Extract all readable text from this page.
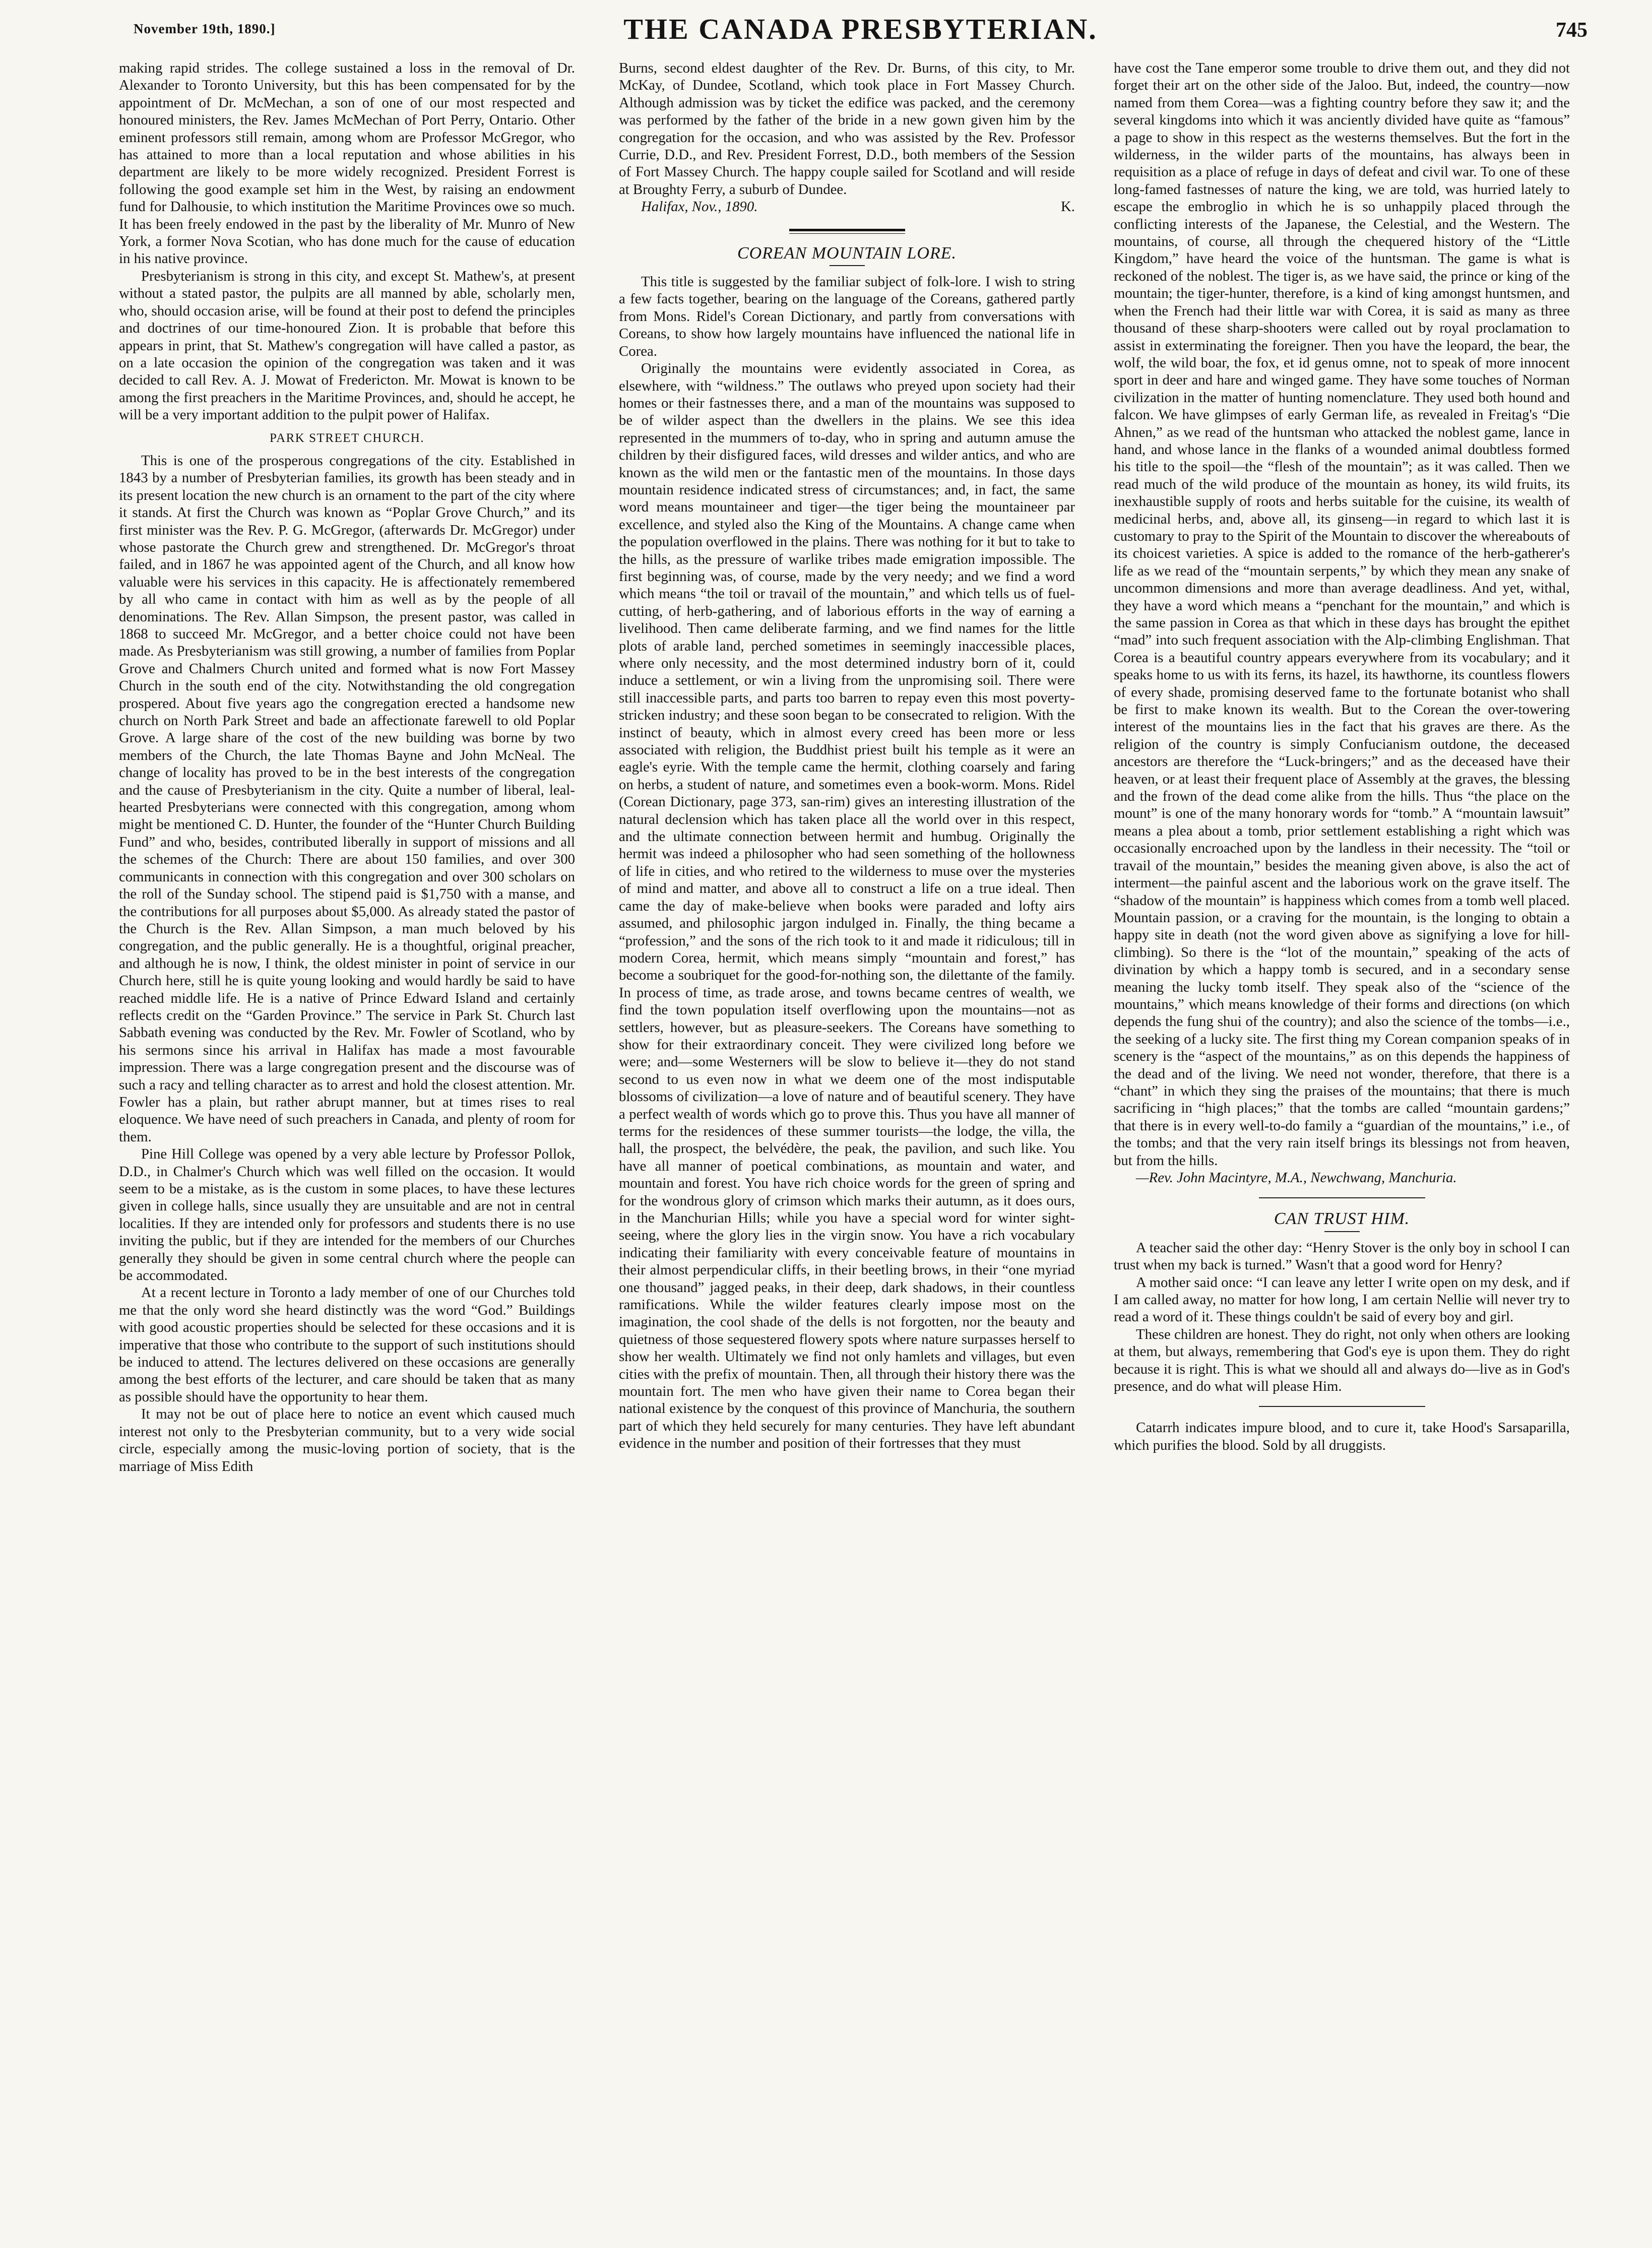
November 19th, 1890.]	THE CANADA PRESBYTERIAN.	745

making rapid strides. The college sustained a loss in the removal of Dr. Alexander to Toronto University, but this has been compensated for by the appointment of Dr. McMechan, a son of one of our most respected and honoured ministers, the Rev. James McMechan of Port Perry, Ontario. Other eminent professors still remain, among whom are Professor McGregor, who has attained to more than a local reputation and whose abilities in his department are likely to be more widely recognized. President Forrest is following the good example set him in the West, by raising an endowment fund for Dalhousie, to which institution the Maritime Provinces owe so much. It has been freely endowed in the past by the liberality of Mr. Munro of New York, a former Nova Scotian, who has done much for the cause of education in his native province.

Presbyterianism is strong in this city, and except St. Mathew's, at present without a stated pastor, the pulpits are all manned by able, scholarly men, who, should occasion arise, will be found at their post to defend the principles and doctrines of our time-honoured Zion. It is probable that before this appears in print, that St. Mathew's congregation will have called a pastor, as on a late occasion the opinion of the congregation was taken and it was decided to call Rev. A. J. Mowat of Fredericton. Mr. Mowat is known to be among the first preachers in the Maritime Provinces, and, should he accept, he will be a very important addition to the pulpit power of Halifax.

PARK STREET CHURCH.

This is one of the prosperous congregations of the city. Established in 1843 by a number of Presbyterian families, its growth has been steady and in its present location the new church is an ornament to the part of the city where it stands. At first the Church was known as “Poplar Grove Church,” and its first minister was the Rev. P. G. McGregor, (afterwards Dr. McGregor) under whose pastorate the Church grew and strengthened. Dr. McGregor's throat failed, and in 1867 he was appointed agent of the Church, and all know how valuable were his services in this capacity. He is affectionately remembered by all who came in contact with him as well as by the people of all denominations. The Rev. Allan Simpson, the present pastor, was called in 1868 to succeed Mr. McGregor, and a better choice could not have been made. As Presbyterianism was still growing, a number of families from Poplar Grove and Chalmers Church united and formed what is now Fort Massey Church in the south end of the city. Notwithstanding the old congregation prospered. About five years ago the congregation erected a handsome new church on North Park Street and bade an affectionate farewell to old Poplar Grove. A large share of the cost of the new building was borne by two members of the Church, the late Thomas Bayne and John McNeal. The change of locality has proved to be in the best interests of the congregation and the cause of Presbyterianism in the city. Quite a number of liberal, leal-hearted Presbyterians were connected with this congregation, among whom might be mentioned C. D. Hunter, the founder of the “Hunter Church Building Fund” and who, besides, contributed liberally in support of missions and all the schemes of the Church: There are about 150 families, and over 300 communicants in connection with this congregation and over 300 scholars on the roll of the Sunday school. The stipend paid is $1,750 with a manse, and the contributions for all purposes about $5,000. As already stated the pastor of the Church is the Rev. Allan Simpson, a man much beloved by his congregation, and the public generally. He is a thoughtful, original preacher, and although he is now, I think, the oldest minister in point of service in our Church here, still he is quite young looking and would hardly be said to have reached middle life. He is a native of Prince Edward Island and certainly reflects credit on the “Garden Province.” The service in Park St. Church last Sabbath evening was conducted by the Rev. Mr. Fowler of Scotland, who by his sermons since his arrival in Halifax has made a most favourable impression. There was a large congregation present and the discourse was of such a racy and telling character as to arrest and hold the closest attention. Mr. Fowler has a plain, but rather abrupt manner, but at times rises to real eloquence. We have need of such preachers in Canada, and plenty of room for them.

Pine Hill College was opened by a very able lecture by Professor Pollok, D.D., in Chalmer's Church which was well filled on the occasion. It would seem to be a mistake, as is the custom in some places, to have these lectures given in college halls, since usually they are unsuitable and are not in central localities. If they are intended only for professors and students there is no use inviting the public, but if they are intended for the members of our Churches generally they should be given in some central church where the people can be accommodated.

At a recent lecture in Toronto a lady member of one of our Churches told me that the only word she heard distinctly was the word “God.” Buildings with good acoustic properties should be selected for these occasions and it is imperative that those who contribute to the support of such institutions should be induced to attend. The lectures delivered on these occasions are generally among the best efforts of the lecturer, and care should be taken that as many as possible should have the opportunity to hear them.

It may not be out of place here to notice an event which caused much interest not only to the Presbyterian community, but to a very wide social circle, especially among the music-loving portion of society, that is the marriage of Miss Edith

Burns, second eldest daughter of the Rev. Dr. Burns, of this city, to Mr. McKay, of Dundee, Scotland, which took place in Fort Massey Church. Although admission was by ticket the edifice was packed, and the ceremony was performed by the father of the bride in a new gown given him by the congregation for the occasion, and who was assisted by the Rev. Professor Currie, D.D., and Rev. President Forrest, D.D., both members of the Session of Fort Massey Church. The happy couple sailed for Scotland and will reside at Broughty Ferry, a suburb of Dundee.

Halifax, Nov., 1890.	K.
COREAN MOUNTAIN LORE.

This title is suggested by the familiar subject of folk-lore. I wish to string a few facts together, bearing on the language of the Coreans, gathered partly from Mons. Ridel's Corean Dictionary, and partly from conversations with Coreans, to show how largely mountains have influenced the national life in Corea.

Originally the mountains were evidently associated in Corea, as elsewhere, with “wildness.” The outlaws who preyed upon society had their homes or their fastnesses there, and a man of the mountains was supposed to be of wilder aspect than the dwellers in the plains. We see this idea represented in the mummers of to-day, who in spring and autumn amuse the children by their disfigured faces, wild dresses and wilder antics, and who are known as the wild men or the fantastic men of the mountains. In those days mountain residence indicated stress of circumstances; and, in fact, the same word means mountaineer and tiger—the tiger being the mountaineer par excellence, and styled also the King of the Mountains. A change came when the population overflowed in the plains. There was nothing for it but to take to the hills, as the pressure of warlike tribes made emigration impossible. The first beginning was, of course, made by the very needy; and we find a word which means “the toil or travail of the mountain,” and which tells us of fuel-cutting, of herb-gathering, and of laborious efforts in the way of earning a livelihood. Then came deliberate farming, and we find names for the little plots of arable land, perched sometimes in seemingly inaccessible places, where only necessity, and the most determined industry born of it, could induce a settlement, or win a living from the unpromising soil. There were still inaccessible parts, and parts too barren to repay even this most poverty-stricken industry; and these soon began to be consecrated to religion. With the instinct of beauty, which in almost every creed has been more or less associated with religion, the Buddhist priest built his temple as it were an eagle's eyrie. With the temple came the hermit, clothing coarsely and faring on herbs, a student of nature, and sometimes even a book-worm. Mons. Ridel (Corean Dictionary, page 373, san-rim) gives an interesting illustration of the natural declension which has taken place all the world over in this respect, and the ultimate connection between hermit and humbug. Originally the hermit was indeed a philosopher who had seen something of the hollowness of life in cities, and who retired to the wilderness to muse over the mysteries of mind and matter, and above all to construct a life on a true ideal. Then came the day of make-believe when books were paraded and lofty airs assumed, and philosophic jargon indulged in. Finally, the thing became a “profession,” and the sons of the rich took to it and made it ridiculous; till in modern Corea, hermit, which means simply “mountain and forest,” has become a soubriquet for the good-for-nothing son, the dilettante of the family. In process of time, as trade arose, and towns became centres of wealth, we find the town population itself overflowing upon the mountains—not as settlers, however, but as pleasure-seekers. The Coreans have something to show for their extraordinary conceit. They were civilized long before we were; and—some Westerners will be slow to believe it—they do not stand second to us even now in what we deem one of the most indisputable blossoms of civilization—a love of nature and of beautiful scenery. They have a perfect wealth of words which go to prove this. Thus you have all manner of terms for the residences of these summer tourists—the lodge, the villa, the hall, the prospect, the belvédère, the peak, the pavilion, and such like. You have all manner of poetical combinations, as mountain and water, and mountain and forest. You have rich choice words for the green of spring and for the wondrous glory of crimson which marks their autumn, as it does ours, in the Manchurian Hills; while you have a special word for winter sight-seeing, where the glory lies in the virgin snow. You have a rich vocabulary indicating their familiarity with every conceivable feature of mountains in their almost perpendicular cliffs, in their beetling brows, in their “one myriad one thousand” jagged peaks, in their deep, dark shadows, in their countless ramifications. While the wilder features clearly impose most on the imagination, the cool shade of the dells is not forgotten, nor the beauty and quietness of those sequestered flowery spots where nature surpasses herself to show her wealth. Ultimately we find not only hamlets and villages, but even cities with the prefix of mountain. Then, all through their history there was the mountain fort. The men who have given their name to Corea began their national existence by the conquest of this province of Manchuria, the southern part of which they held securely for many centuries. They have left abundant evidence in the number and position of their fortresses that they must

have cost the Tane emperor some trouble to drive them out, and they did not forget their art on the other side of the Jaloo. But, indeed, the country—now named from them Corea—was a fighting country before they saw it; and the several kingdoms into which it was anciently divided have quite as “famous” a page to show in this respect as the westerns themselves. But the fort in the wilderness, in the wilder parts of the mountains, has always been in requisition as a place of refuge in days of defeat and civil war. To one of these long-famed fastnesses of nature the king, we are told, was hurried lately to escape the embroglio in which he is so unhappily placed through the conflicting interests of the Japanese, the Celestial, and the Western. The mountains, of course, all through the chequered history of the “Little Kingdom,” have heard the voice of the huntsman. The game is what is reckoned of the noblest. The tiger is, as we have said, the prince or king of the mountain; the tiger-hunter, therefore, is a kind of king amongst huntsmen, and when the French had their little war with Corea, it is said as many as three thousand of these sharp-shooters were called out by royal proclamation to assist in exterminating the foreigner. Then you have the leopard, the bear, the wolf, the wild boar, the fox, et id genus omne, not to speak of more innocent sport in deer and hare and winged game. They have some touches of Norman civilization in the matter of hunting nomenclature. They used both hound and falcon. We have glimpses of early German life, as revealed in Freitag's “Die Ahnen,” as we read of the huntsman who attacked the noblest game, lance in hand, and whose lance in the flanks of a wounded animal doubtless formed his title to the spoil—the “flesh of the mountain”; as it was called. Then we read much of the wild produce of the mountain as honey, its wild fruits, its inexhaustible supply of roots and herbs suitable for the cuisine, its wealth of medicinal herbs, and, above all, its ginseng—in regard to which last it is customary to pray to the Spirit of the Mountain to discover the whereabouts of its choicest varieties. A spice is added to the romance of the herb-gatherer's life as we read of the “mountain serpents,” by which they mean any snake of uncommon dimensions and more than average deadliness. And yet, withal, they have a word which means a “penchant for the mountain,” and which is the same passion in Corea as that which in these days has brought the epithet “mad” into such frequent association with the Alp-climbing Englishman. That Corea is a beautiful country appears everywhere from its vocabulary; and it speaks home to us with its ferns, its hazel, its hawthorne, its countless flowers of every shade, promising deserved fame to the fortunate botanist who shall be first to make known its wealth. But to the Corean the over-towering interest of the mountains lies in the fact that his graves are there. As the religion of the country is simply Confucianism outdone, the deceased ancestors are therefore the “Luck-bringers;” and as the deceased have their heaven, or at least their frequent place of Assembly at the graves, the blessing and the frown of the dead come alike from the hills. Thus “the place on the mount” is one of the many honorary words for “tomb.” A “mountain lawsuit” means a plea about a tomb, prior settlement establishing a right which was occasionally encroached upon by the landless in their necessity. The “toil or travail of the mountain,” besides the meaning given above, is also the act of interment—the painful ascent and the laborious work on the grave itself. The “shadow of the mountain” is happiness which comes from a tomb well placed. Mountain passion, or a craving for the mountain, is the longing to obtain a happy site in death (not the word given above as signifying a love for hill-climbing). So there is the “lot of the mountain,” speaking of the acts of divination by which a happy tomb is secured, and in a secondary sense meaning the lucky tomb itself. They speak also of the “science of the mountains,” which means knowledge of their forms and directions (on which depends the fung shui of the country); and also the science of the tombs—i.e., the seeking of a lucky site. The first thing my Corean companion speaks of in scenery is the “aspect of the mountains,” as on this depends the happiness of the dead and of the living. We need not wonder, therefore, that there is a “chant” in which they sing the praises of the mountains; that there is much sacrificing in “high places;” that the tombs are called “mountain gardens;” that there is in every well-to-do family a “guardian of the mountains,” i.e., of the tombs; and that the very rain itself brings its blessings not from heaven, but from the hills.

—Rev. John Macintyre, M.A., Newchwang, Manchuria.

CAN TRUST HIM.

A teacher said the other day: “Henry Stover is the only boy in school I can trust when my back is turned.” Wasn't that a good word for Henry?

A mother said once: “I can leave any letter I write open on my desk, and if I am called away, no matter for how long, I am certain Nellie will never try to read a word of it. These things couldn't be said of every boy and girl.

These children are honest. They do right, not only when others are looking at them, but always, remembering that God's eye is upon them. They do right because it is right. This is what we should all and always do—live as in God's presence, and do what will please Him.

Catarrh indicates impure blood, and to cure it, take Hood's Sarsaparilla, which purifies the blood. Sold by all druggists.
